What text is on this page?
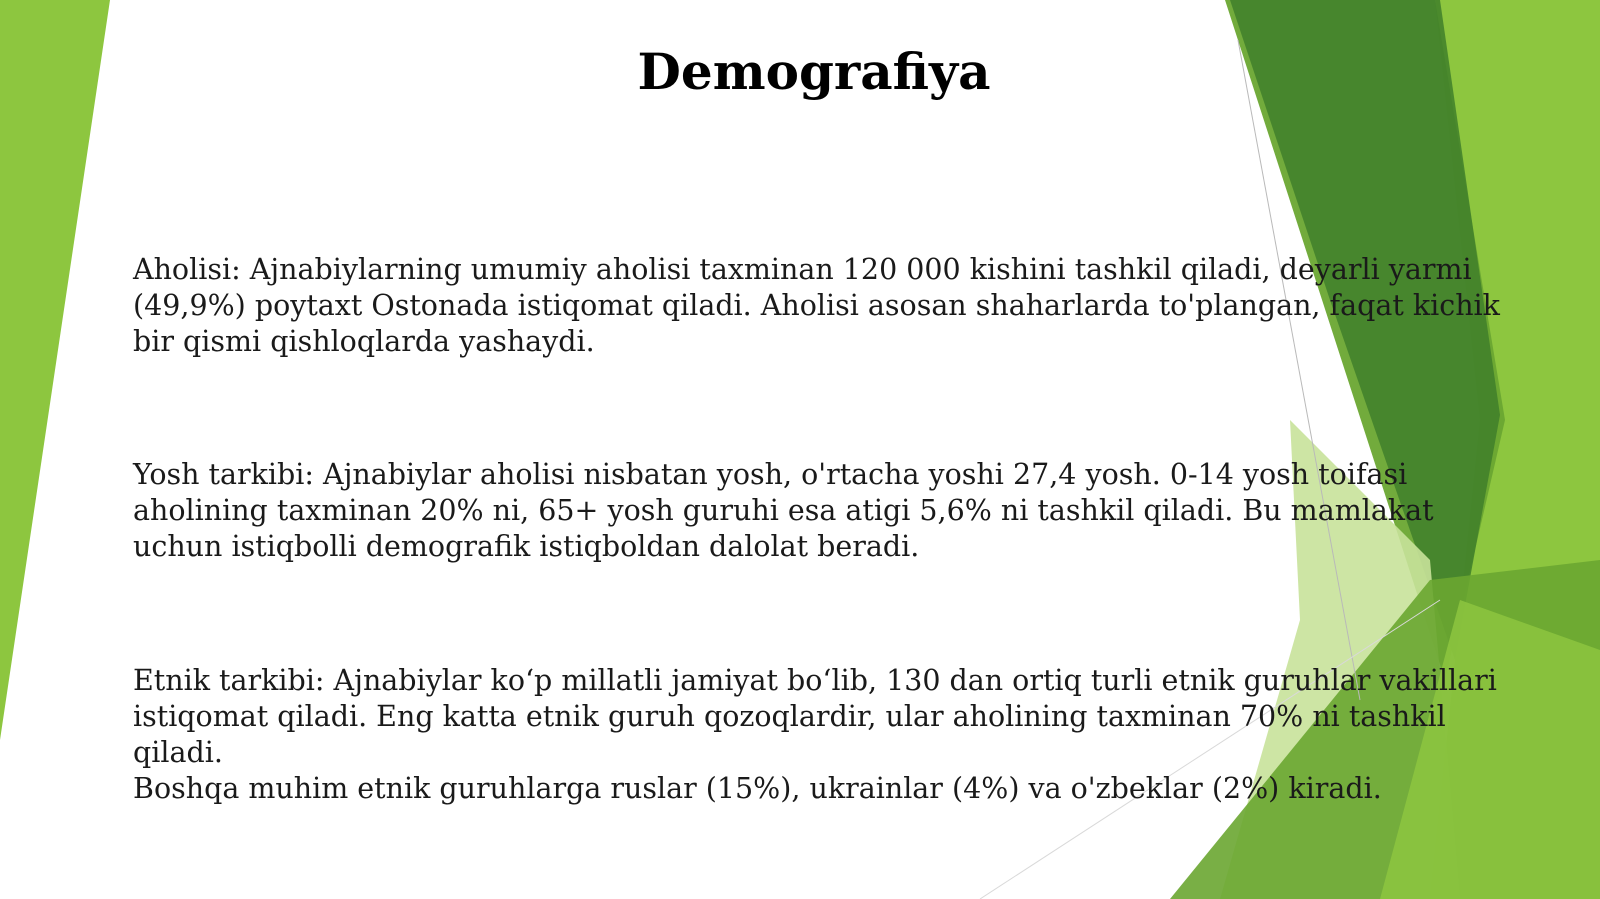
Demografiya

Aholisi: Ajnabiylarning umumiy aholisi taxminan 120 000 kishini tashkil qiladi, deyarli yarmi
(49,9%) poytaxt Ostonada istiqomat qiladi. Aholisi asosan shaharlarda to'plangan, faqat kichik
bir qismi qishloqlarda yashaydi.

Yosh tarkibi: Ajnabiylar aholisi nisbatan yosh, o'rtacha yoshi 27,4 yosh. 0-14 yosh toifasi
aholining taxminan 20% ni, 65+ yosh guruhi esa atigi 5,6% ni tashkil qiladi. Bu mamlakat
uchun istiqbolli demografik istiqboldan dalolat beradi.

Etnik tarkibi: Ajnabiylar ko‘p millatli jamiyat bo‘lib, 130 dan ortiq turli etnik guruhlar vakillari
istiqomat qiladi. Eng katta etnik guruh qozoqlardir, ular aholining taxminan 70% ni tashkil qiladi.
Boshqa muhim etnik guruhlarga ruslar (15%), ukrainlar (4%) va o'zbeklar (2%) kiradi.
